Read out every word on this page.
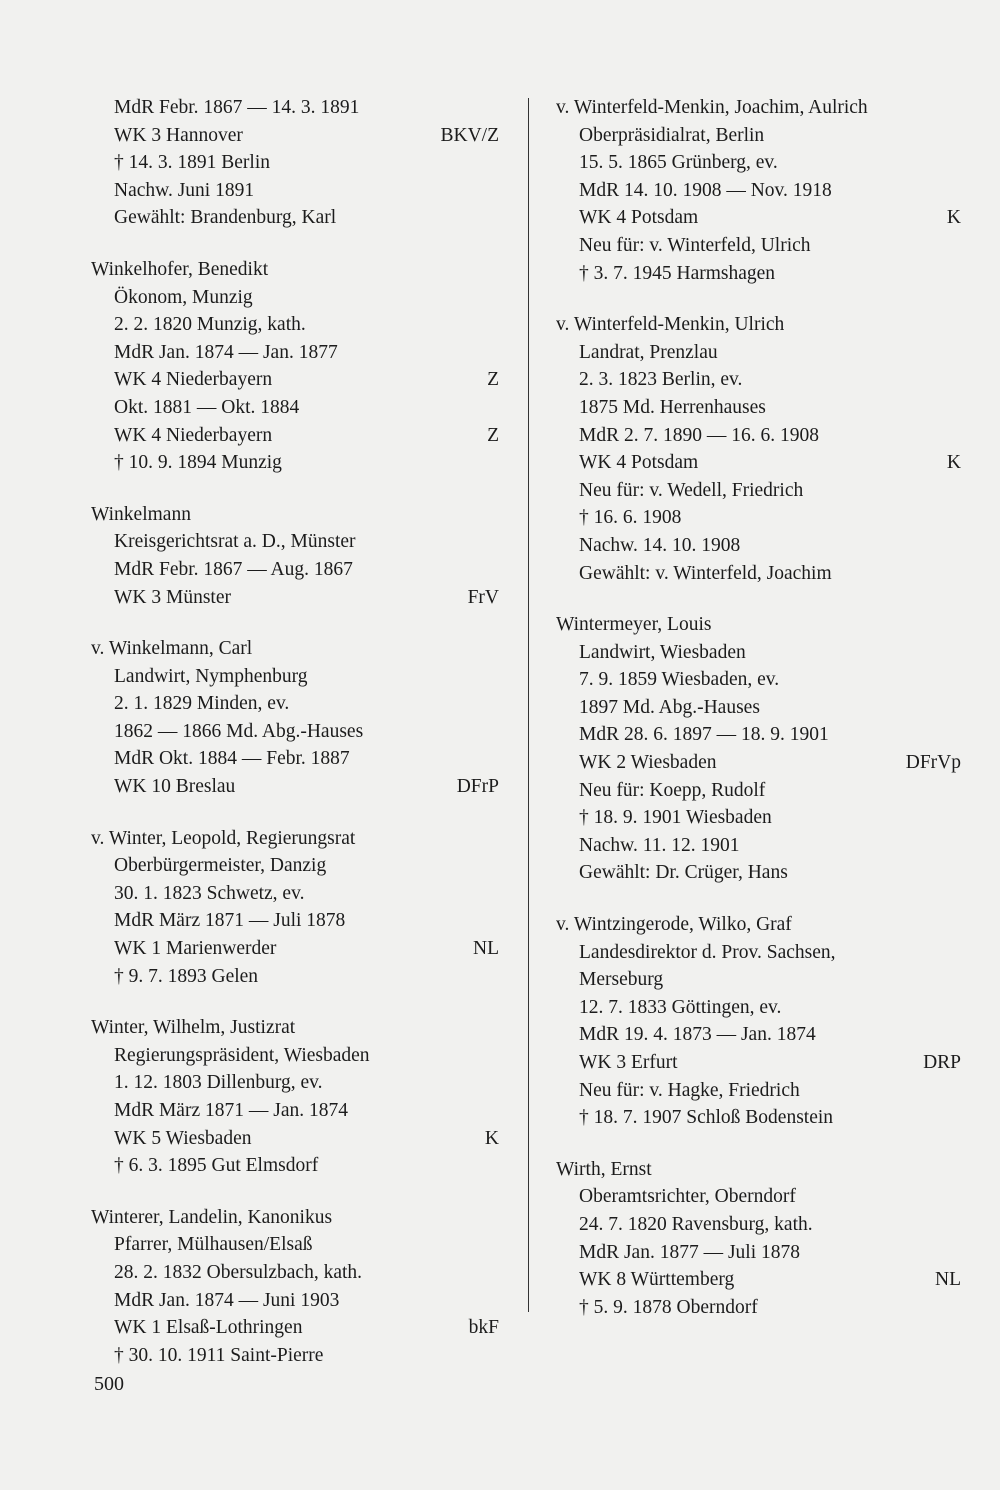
MdR Febr. 1867 — 14. 3. 1891
WK 3 Hannover	BKV/Z
† 14. 3. 1891 Berlin
Nachw. Juni 1891
Gewählt: Brandenburg, Karl
Winkelhofer, Benedikt
Ökonom, Munzig
2. 2. 1820 Munzig, kath.
MdR Jan. 1874 — Jan. 1877
WK 4 Niederbayern	Z
Okt. 1881 — Okt. 1884
WK 4 Niederbayern	Z
† 10. 9. 1894 Munzig
Winkelmann
Kreisgerichtsrat a. D., Münster
MdR Febr. 1867 — Aug. 1867
WK 3 Münster	FrV
v. Winkelmann, Carl
Landwirt, Nymphenburg
2. 1. 1829 Minden, ev.
1862 — 1866 Md. Abg.-Hauses
MdR Okt. 1884 — Febr. 1887
WK 10 Breslau	DFrP
v. Winter, Leopold, Regierungsrat
Oberbürgermeister, Danzig
30. 1. 1823 Schwetz, ev.
MdR März 1871 — Juli 1878
WK 1 Marienwerder	NL
† 9. 7. 1893 Gelen
Winter, Wilhelm, Justizrat
Regierungspräsident, Wiesbaden
1. 12. 1803 Dillenburg, ev.
MdR März 1871 — Jan. 1874
WK 5 Wiesbaden	K
† 6. 3. 1895 Gut Elmsdorf
Winterer, Landelin, Kanonikus
Pfarrer, Mülhausen/Elsaß
28. 2. 1832 Obersulzbach, kath.
MdR Jan. 1874 — Juni 1903
WK 1 Elsaß-Lothringen	bkF
† 30. 10. 1911 Saint-Pierre
v. Winterfeld-Menkin, Joachim, Aulrich
Oberpräsidialrat, Berlin
15. 5. 1865 Grünberg, ev.
MdR 14. 10. 1908 — Nov. 1918
WK 4 Potsdam	K
Neu für: v. Winterfeld, Ulrich
† 3. 7. 1945 Harmshagen
v. Winterfeld-Menkin, Ulrich
Landrat, Prenzlau
2. 3. 1823 Berlin, ev.
1875 Md. Herrenhauses
MdR 2. 7. 1890 — 16. 6. 1908
WK 4 Potsdam	K
Neu für: v. Wedell, Friedrich
† 16. 6. 1908
Nachw. 14. 10. 1908
Gewählt: v. Winterfeld, Joachim
Wintermeyer, Louis
Landwirt, Wiesbaden
7. 9. 1859 Wiesbaden, ev.
1897 Md. Abg.-Hauses
MdR 28. 6. 1897 — 18. 9. 1901
WK 2 Wiesbaden	DFrVp
Neu für: Koepp, Rudolf
† 18. 9. 1901 Wiesbaden
Nachw. 11. 12. 1901
Gewählt: Dr. Crüger, Hans
v. Wintzingerode, Wilko, Graf
Landesdirektor d. Prov. Sachsen,
Merseburg
12. 7. 1833 Göttingen, ev.
MdR 19. 4. 1873 — Jan. 1874
WK 3 Erfurt	DRP
Neu für: v. Hagke, Friedrich
† 18. 7. 1907 Schloß Bodenstein
Wirth, Ernst
Oberamtsrichter, Oberndorf
24. 7. 1820 Ravensburg, kath.
MdR Jan. 1877 — Juli 1878
WK 8 Württemberg	NL
† 5. 9. 1878 Oberndorf
500
